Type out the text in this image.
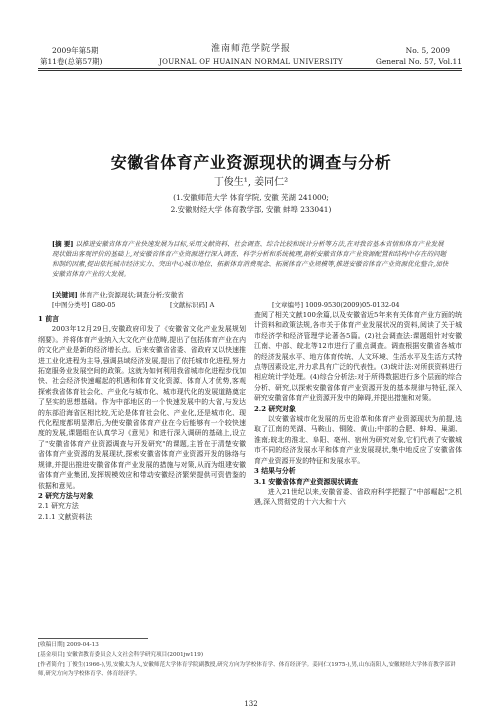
2009年第5期
第11卷(总第57期)
淮南师范学院学报
JOURNAL OF HUAINAN NORMAL UNIVERSITY
No. 5, 2009
General No. 57, Vol.11
安徽省体育产业资源现状的调查与分析
丁俊生¹, 姜同仁²
(1.安徽师范大学 体育学院, 安徽 芜湖 241000;
2.安徽财经大学 体育教学部, 安徽 蚌埠 233041)
[摘 要] 以推进安徽省体育产业快速发展为目标,采用文献资料、社会调查、综合比较和统计分析等方法,在对我省基本省情和体育产业发展现状做出客观评价的基础上,对安徽省体育产业资源进行深入调查、科学分析和系统梳理,剖析安徽省体育产业资源配置和结构中存在的问题和制约因素,提出依托城市经济实力、突出中心城市地位、拓新体育消费观念、拓展体育产业规模等,推进安徽省体育产业资源优化整合,加快安徽省体育产业的大发展。
[关键词] 体育产业;资源现状;调查分析;安徽省
[中图分类号] G80-05	[文献标识码] A	[文章编号] 1009-9530(2009)05-0132-04

1 前言

2003年12月29日,安徽政府印发了《安徽省文化产业发展规划纲要》。并将体育产业纳入大文化产业范畴,提出了包括体育产业在内的文化产业是新的经济增长点。后来安徽省省委、省政府又以快速推进工业化进程为主导,强调县域经济发展,提出了依托城市化进程,努力拓宽服务业发展空间的政策。这就为如何利用我省城市化进程步伐加快、社会经济快速崛起的机遇和体育文化资源、体育人才优势,客观探索我省体育社会化、产业化与城市化、城市现代化的发展道路奠定了坚实的思想基础。作为中部地区的一个快速发展中的大省,与发达的东部沿海省区相比较,无论是体育社会化、产业化,还是城市化、现代化程度都明显滞后,为使安徽省体育产业在今后能够有一个较快速度的发展,课题组在认真学习《意见》和进行深入调研的基础上,设立了"安徽省体育产业资源调查与开发研究"的课题,主旨在于清楚安徽省体育产业资源的发展现状,探索安徽省体育产业资源开发的脉络与规律,并提出推进安徽省体育产业发展的措施与对策,从而为组建安徽省体育产业集团,发挥规模效应和带动安徽经济繁荣提供可资借鉴的依据和意见。

2 研究方法与对象

2.1 研究方法

2.1.1 文献资料法

查阅了相关文献100余篇,以及安徽省近5年来有关体育产业方面的统计资料和政策法规,各市关于体育产业发展状况的资料,阅读了关于城市经济学和经济管理学论著各5篇。(2)社会调查法:课题组针对安徽江南、中部、皖北等12市进行了重点调查。调查根据安徽省各城市的经济发展水平、地方体育传统、人文环境、生活水平及生活方式特点等因素设定,并力求具有广泛的代表性。(3)统计法:对所获资料进行相应统计学处理。(4)综合分析法:对于所得数据进行多个层面的综合分析、研究,以探索安徽省体育产业资源开发的基本规律与特征,深入研究安徽省体育产业资源开发中的障碍,并提出措施和对策。

2.2 研究对象

以安徽省城市化发展的历史沿革和体育产业资源现状为前提,选取了江南的芜湖、马鞍山、铜陵、黄山;中部的合肥、蚌埠、巢湖、淮南;皖北的淮北、阜阳、亳州、宿州为研究对象,它们代表了安徽城市不同的经济发展水平和体育产业发展现状,集中地反应了安徽省体育产业资源开发的特征和发展水平。

3 结果与分析

3.1 安徽省体育产业资源现状调查

进入21世纪以来,安徽省委、省政府科学把握了"中部崛起"之机遇,深入贯彻党的十六大和十六

[收稿日期] 2009-04-13
[基金项目] 安徽省教育委员会人文社会科学研究项目(2001jw119)
[作者简介] 丁俊生(1966-),男,安徽太为人,安徽师范大学体育学院副教授,研究方向为学校体育学、体育经济学。姜同仁(1975-),男,山东南阳人,安徽财经大学体育教学部讲师,研究方向为学校体育学、体育经济学。
132
